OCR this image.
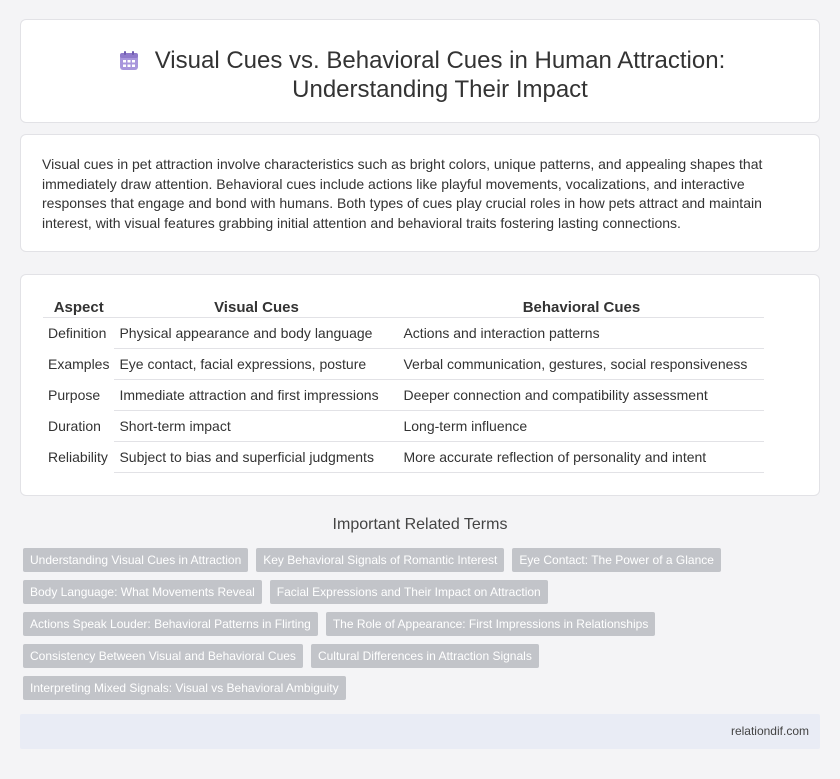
Visual Cues vs. Behavioral Cues in Human Attraction: Understanding Their Impact

Visual cues in pet attraction involve characteristics such as bright colors, unique patterns, and appealing shapes that immediately draw attention. Behavioral cues include actions like playful movements, vocalizations, and interactive responses that engage and bond with humans. Both types of cues play crucial roles in how pets attract and maintain interest, with visual features grabbing initial attention and behavioral traits fostering lasting connections.

Aspect	Visual Cues	Behavioral Cues
Definition	Physical appearance and body language	Actions and interaction patterns
Examples	Eye contact, facial expressions, posture	Verbal communication, gestures, social responsiveness
Purpose	Immediate attraction and first impressions	Deeper connection and compatibility assessment
Duration	Short-term impact	Long-term influence
Reliability	Subject to bias and superficial judgments	More accurate reflection of personality and intent
Important Related Terms
Understanding Visual Cues in Attraction	Key Behavioral Signals of Romantic Interest	Eye Contact: The Power of a Glance
Body Language: What Movements Reveal	Facial Expressions and Their Impact on Attraction
Actions Speak Louder: Behavioral Patterns in Flirting	The Role of Appearance: First Impressions in Relationships
Consistency Between Visual and Behavioral Cues	Cultural Differences in Attraction Signals
Interpreting Mixed Signals: Visual vs Behavioral Ambiguity
relationdif.com
